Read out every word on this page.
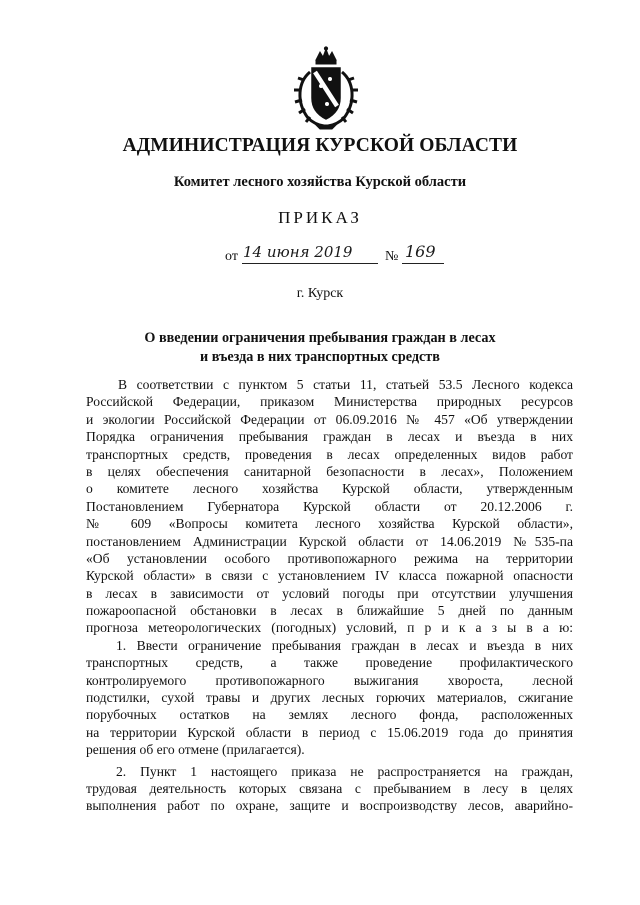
АДМИНИСТРАЦИЯ КУРСКОЙ ОБЛАСТИ
Комитет лесного хозяйства Курской области
ПРИКАЗ
от 14 июня 2019 № 169
г. Курск
О введении ограничения пребывания граждан в лесах
и въезда в них транспортных средств
В соответствии с пунктом 5 статьи 11, статьей 53.5 Лесного кодекса
Российской Федерации, приказом Министерства природных ресурсов
и экологии Российской Федерации от 06.09.2016 № 457 «Об утверждении
Порядка ограничения пребывания граждан в лесах и въезда в них
транспортных средств, проведения в лесах определенных видов работ
в целях обеспечения санитарной безопасности в лесах», Положением
о комитете лесного хозяйства Курской области, утвержденным
Постановлением Губернатора Курской области от 20.12.2006 г.
№ 609 «Вопросы комитета лесного хозяйства Курской области»,
постановлением Администрации Курской области от 14.06.2019 №535-па
«Об установлении особого противопожарного режима на территории
Курской области» в связи с установлением IV класса пожарной опасности
в лесах в зависимости от условий погоды при отсутствии улучшения
пожароопасной обстановки в лесах в ближайшие 5 дней по данным
прогноза метеорологических (погодных) условий, п р и к а з ы в а ю:
1. Ввести ограничение пребывания граждан в лесах и въезда в них
транспортных средств, а также проведение профилактического
контролируемого противопожарного выжигания хвороста, лесной
подстилки, сухой травы и других лесных горючих материалов, сжигание
порубочных остатков на землях лесного фонда, расположенных
на территории Курской области в период с 15.06.2019 года до принятия
решения об его отмене (прилагается).
2. Пункт 1 настоящего приказа не распространяется на граждан,
трудовая деятельность которых связана с пребыванием в лесу в целях
выполнения работ по охране, защите и воспроизводству лесов, аварийно-
